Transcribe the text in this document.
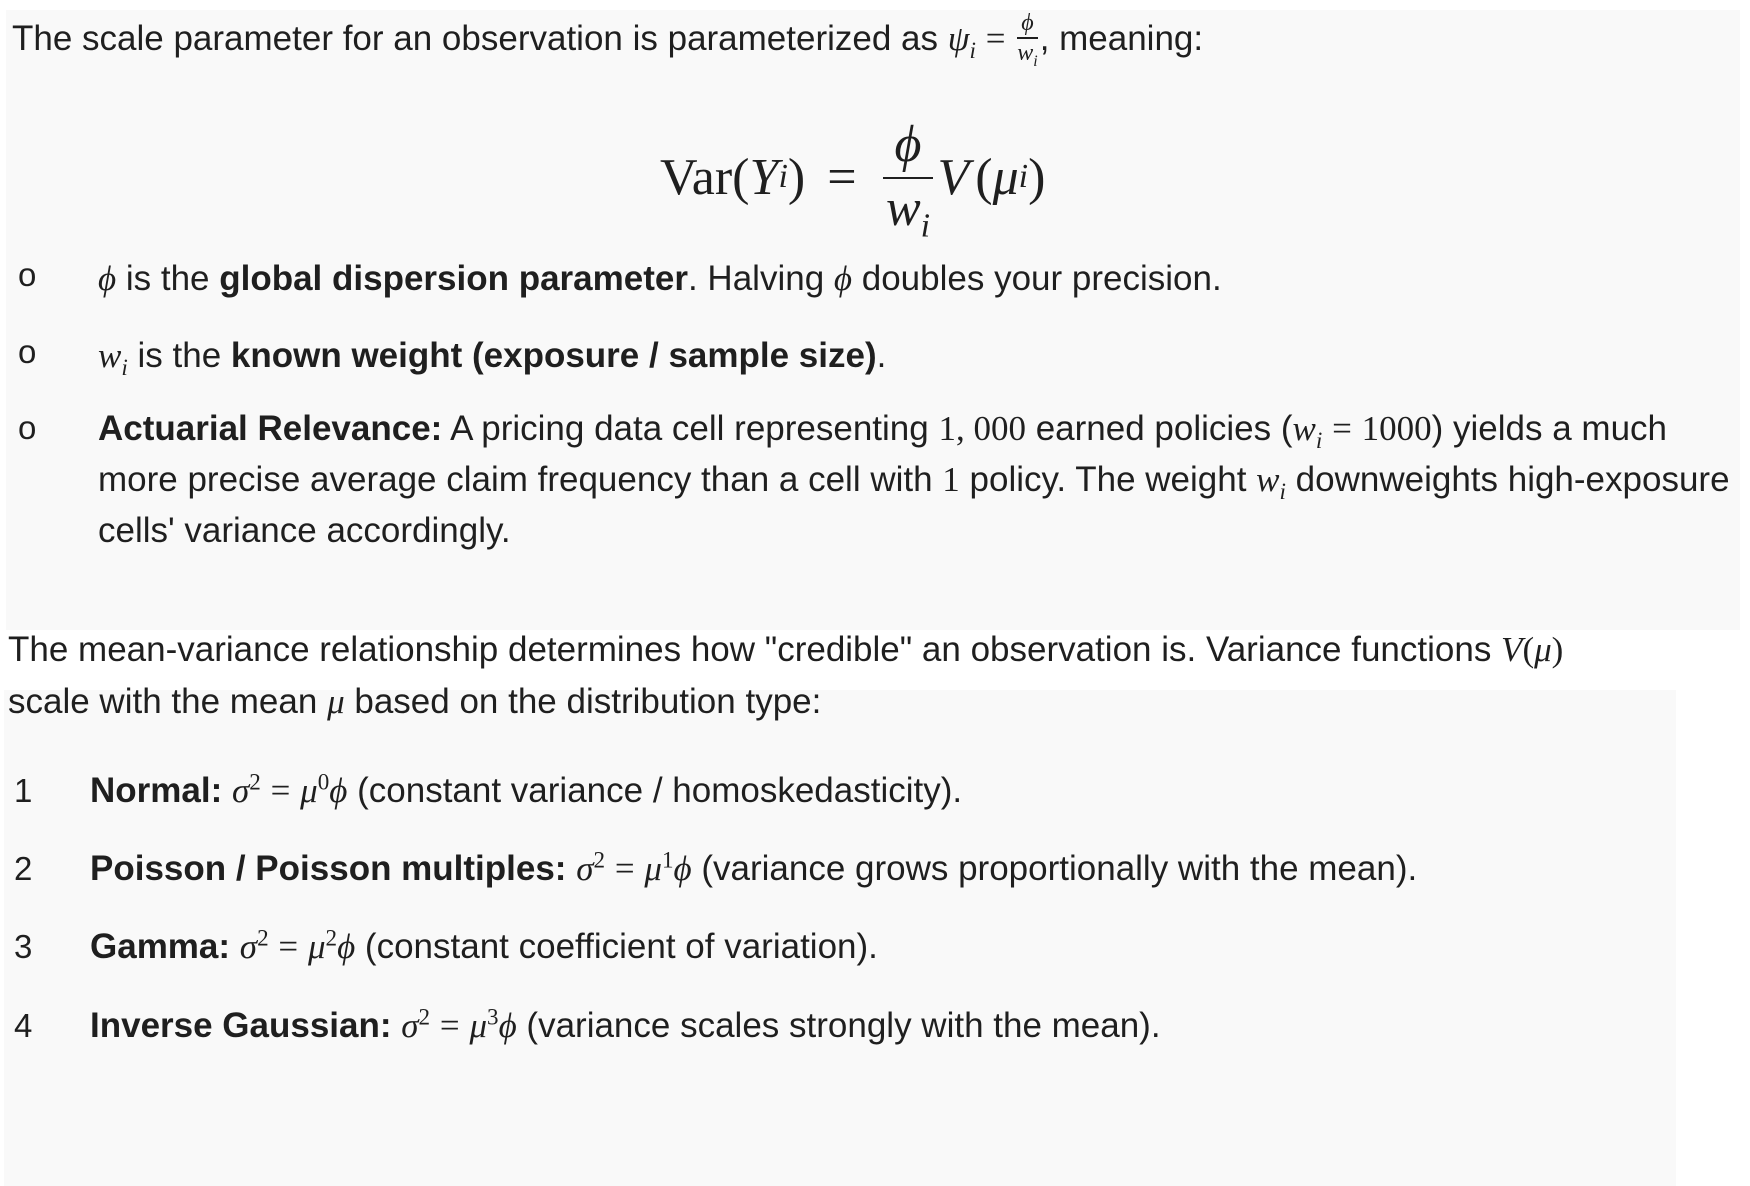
The scale parameter for an observation is parameterized as $\psi_i = \frac{\phi}{w_i}$ , meaning:

Var( Y i ) = $\frac{\phi}{w_i}$ V ( μ i )
o ϕ is the global dispersion parameter. Halving ϕ doubles your precision.
o $w_i$ is the known weight (exposure / sample size).
o Actuarial Relevance: A pricing data cell representing 1, 000 earned policies $(w_i = 1000)$ yields a much more precise average claim frequency than a cell with 1 policy. The weight $w_i$ downweights high-exposure cells' variance accordingly.

The mean-variance relationship determines how "credible" an observation is. Variance functions V(μ) scale with the mean μ based on the distribution type:

1 Normal: $\sigma^2 = \mu^0\phi$ (constant variance / homoskedasticity).
2 Poisson / Poisson multiples: $\sigma^2 = \mu^1\phi$ (variance grows proportionally with the mean).
3 Gamma: $\sigma^2 = \mu^2\phi$ (constant coefficient of variation).
4 Inverse Gaussian: $\sigma^2 = \mu^3\phi$ (variance scales strongly with the mean).
